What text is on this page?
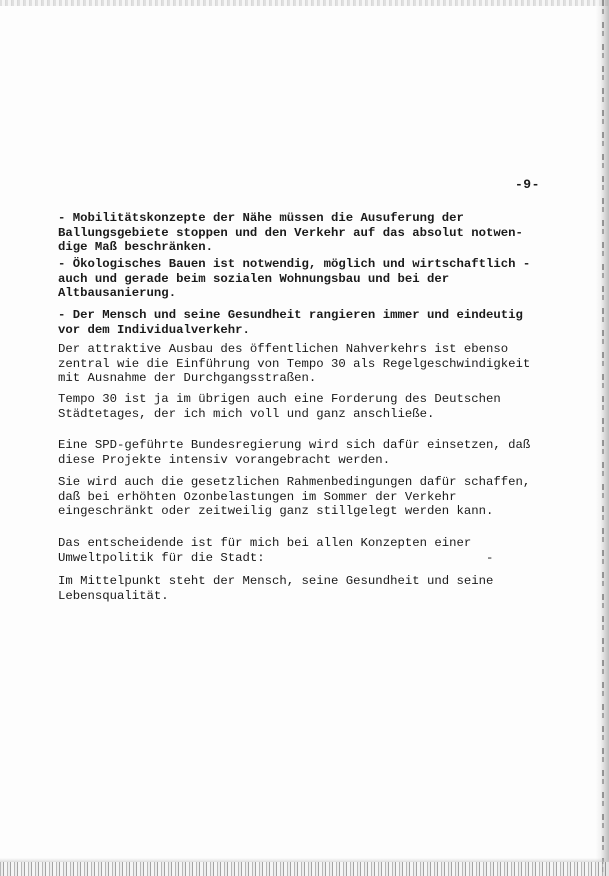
-9-

- Mobilitätskonzepte der Nähe müssen die Ausuferung der
Ballungsgebiete stoppen und den Verkehr auf das absolut notwen-
dige Maß beschränken.

- Ökologisches Bauen ist notwendig, möglich und wirtschaftlich -
auch und gerade beim sozialen Wohnungsbau und bei der
Altbausanierung.

- Der Mensch und seine Gesundheit rangieren immer und eindeutig
vor dem Individualverkehr.

Der attraktive Ausbau des öffentlichen Nahverkehrs ist ebenso
zentral wie die Einführung von Tempo 30 als Regelgeschwindigkeit
mit Ausnahme der Durchgangsstraßen.

Tempo 30 ist ja im übrigen auch eine Forderung des Deutschen
Städtetages, der ich mich voll und ganz anschließe.

Eine SPD-geführte Bundesregierung wird sich dafür einsetzen, daß
diese Projekte intensiv vorangebracht werden.

Sie wird auch die gesetzlichen Rahmenbedingungen dafür schaffen,
daß bei erhöhten Ozonbelastungen im Sommer der Verkehr
eingeschränkt oder zeitweilig ganz stillgelegt werden kann.

Das entscheidende ist für mich bei allen Konzepten einer
Umweltpolitik für die Stadt:                              -

Im Mittelpunkt steht der Mensch, seine Gesundheit und seine
Lebensqualität.
